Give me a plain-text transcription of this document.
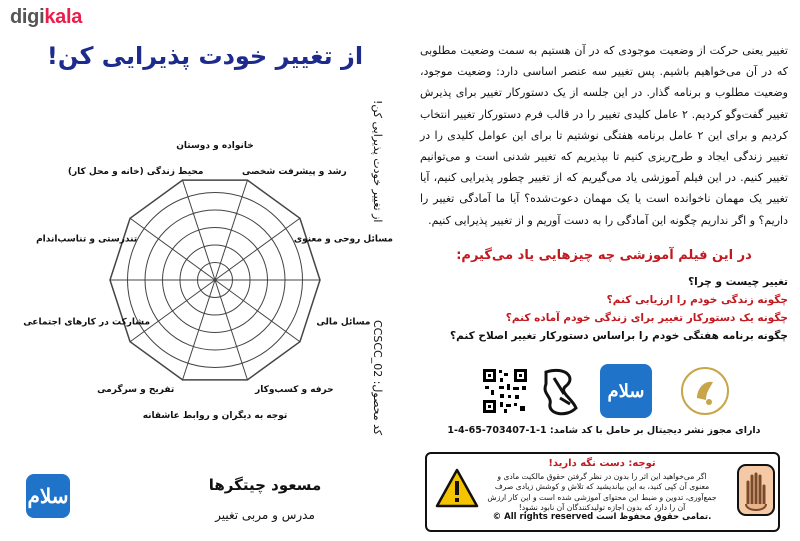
digikala
از تغییر خودت پذیرایی کن!
خانواده و دوستان
رشد و پیشرفت شخصی
مسائل روحی و معنوی
مسائل مالی
حرفه و کسب‌وکار
توجه به دیگران و روابط عاشقانه
تفریح و سرگرمی
مشارکت در کارهای اجتماعی
تندرستی و تناسب‌اندام
محیط زندگی (خانه و محل کار)	از تغییر خودت پذیرایی کن!
کد محصول: CCSCC_02
سلام	مسعود چیتگرها
مدرس و مربی تغییر
تغییر یعنی حرکت از وضعیت موجودی که در آن هستیم به سمت وضعیت مطلوبی که در آن می‌خواهیم باشیم. پس تغییر سه عنصر اساسی دارد: وضعیت موجود، وضعیت مطلوب و برنامه گذار. در این جلسه از یک دستورکار تغییر برای پذیرش تغییر گفت‌وگو کردیم. ۲ عامل کلیدی تغییر را در قالب فرم دستورکار تغییر انتخاب کردیم و برای این ۲ عامل برنامه هفتگی نوشتیم تا برای این عوامل کلیدی را در تغییر زندگی ایجاد و طرح‌ریزی کنیم تا بپذیریم که تغییر شدنی است و می‌توانیم تغییر کنیم. در این فیلم آموزشی یاد می‌گیریم که از تغییر چطور پذیرایی کنیم، آیا تغییر یک مهمان ناخوانده است یا یک مهمان دعوت‌شده؟ آیا ما آمادگی تغییر را داریم؟ و اگر نداریم چگونه این آمادگی را به دست آوریم و از تغییر پذیرایی کنیم.
در این فیلم آموزشی چه چیزهایی یاد می‌گیرم:
تغییر چیست و چرا؟
چگونه زندگی خودم را ارزیابی کنم؟
چگونه یک دستورکار تغییر برای زندگی خودم آماده کنم؟
چگونه برنامه هفتگی خودم را براساس دستورکار تغییر اصلاح کنم؟
سلام
دارای مجوز نشر دیجیتال بر حامل با کد شامد: 1-1-703407-65-4-1
توجه: دست نگه دارید!
اگر می‌خواهید این اثر را بدون در نظر گرفتن حقوق مالکیت مادی و معنوی آن کپی کنید، به این بیاندیشید که تلاش و کوشش زیادی صرف جمع‌آوری، تدوین و ضبط این محتوای آموزشی شده است و این کار ارزش آن را دارد که بدون اجازه تولیدکنندگان آن نابود نشود!
© All rights reserved تمامی حقوق محفوظ است.
